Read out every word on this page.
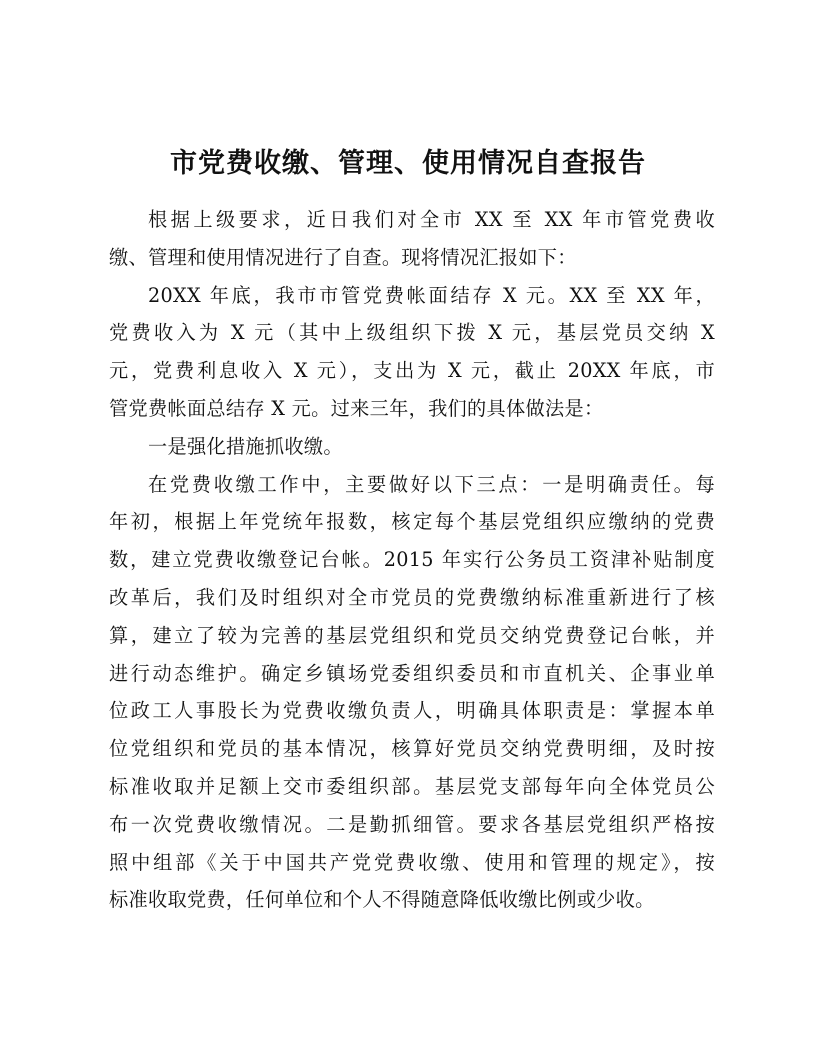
市党费收缴、管理、使用情况自查报告
根据上级要求，近日我们对全市 XX 至 XX 年市管党费收
缴、管理和使用情况进行了自查。现将情况汇报如下：
20XX 年底，我市市管党费帐面结存 X 元。XX 至 XX 年，
党费收入为 X 元（其中上级组织下拨 X 元，基层党员交纳 X
元，党费利息收入 X 元），支出为 X 元，截止 20XX 年底，市
管党费帐面总结存 X 元。过来三年，我们的具体做法是：
一是强化措施抓收缴。
在党费收缴工作中，主要做好以下三点：一是明确责任。每
年初，根据上年党统年报数，核定每个基层党组织应缴纳的党费
数，建立党费收缴登记台帐。2015 年实行公务员工资津补贴制度
改革后，我们及时组织对全市党员的党费缴纳标准重新进行了核
算，建立了较为完善的基层党组织和党员交纳党费登记台帐，并
进行动态维护。确定乡镇场党委组织委员和市直机关、企事业单
位政工人事股长为党费收缴负责人，明确具体职责是：掌握本单
位党组织和党员的基本情况，核算好党员交纳党费明细，及时按
标准收取并足额上交市委组织部。基层党支部每年向全体党员公
布一次党费收缴情况。二是勤抓细管。要求各基层党组织严格按
照中组部《关于中国共产党党费收缴、使用和管理的规定》，按
标准收取党费，任何单位和个人不得随意降低收缴比例或少收。
